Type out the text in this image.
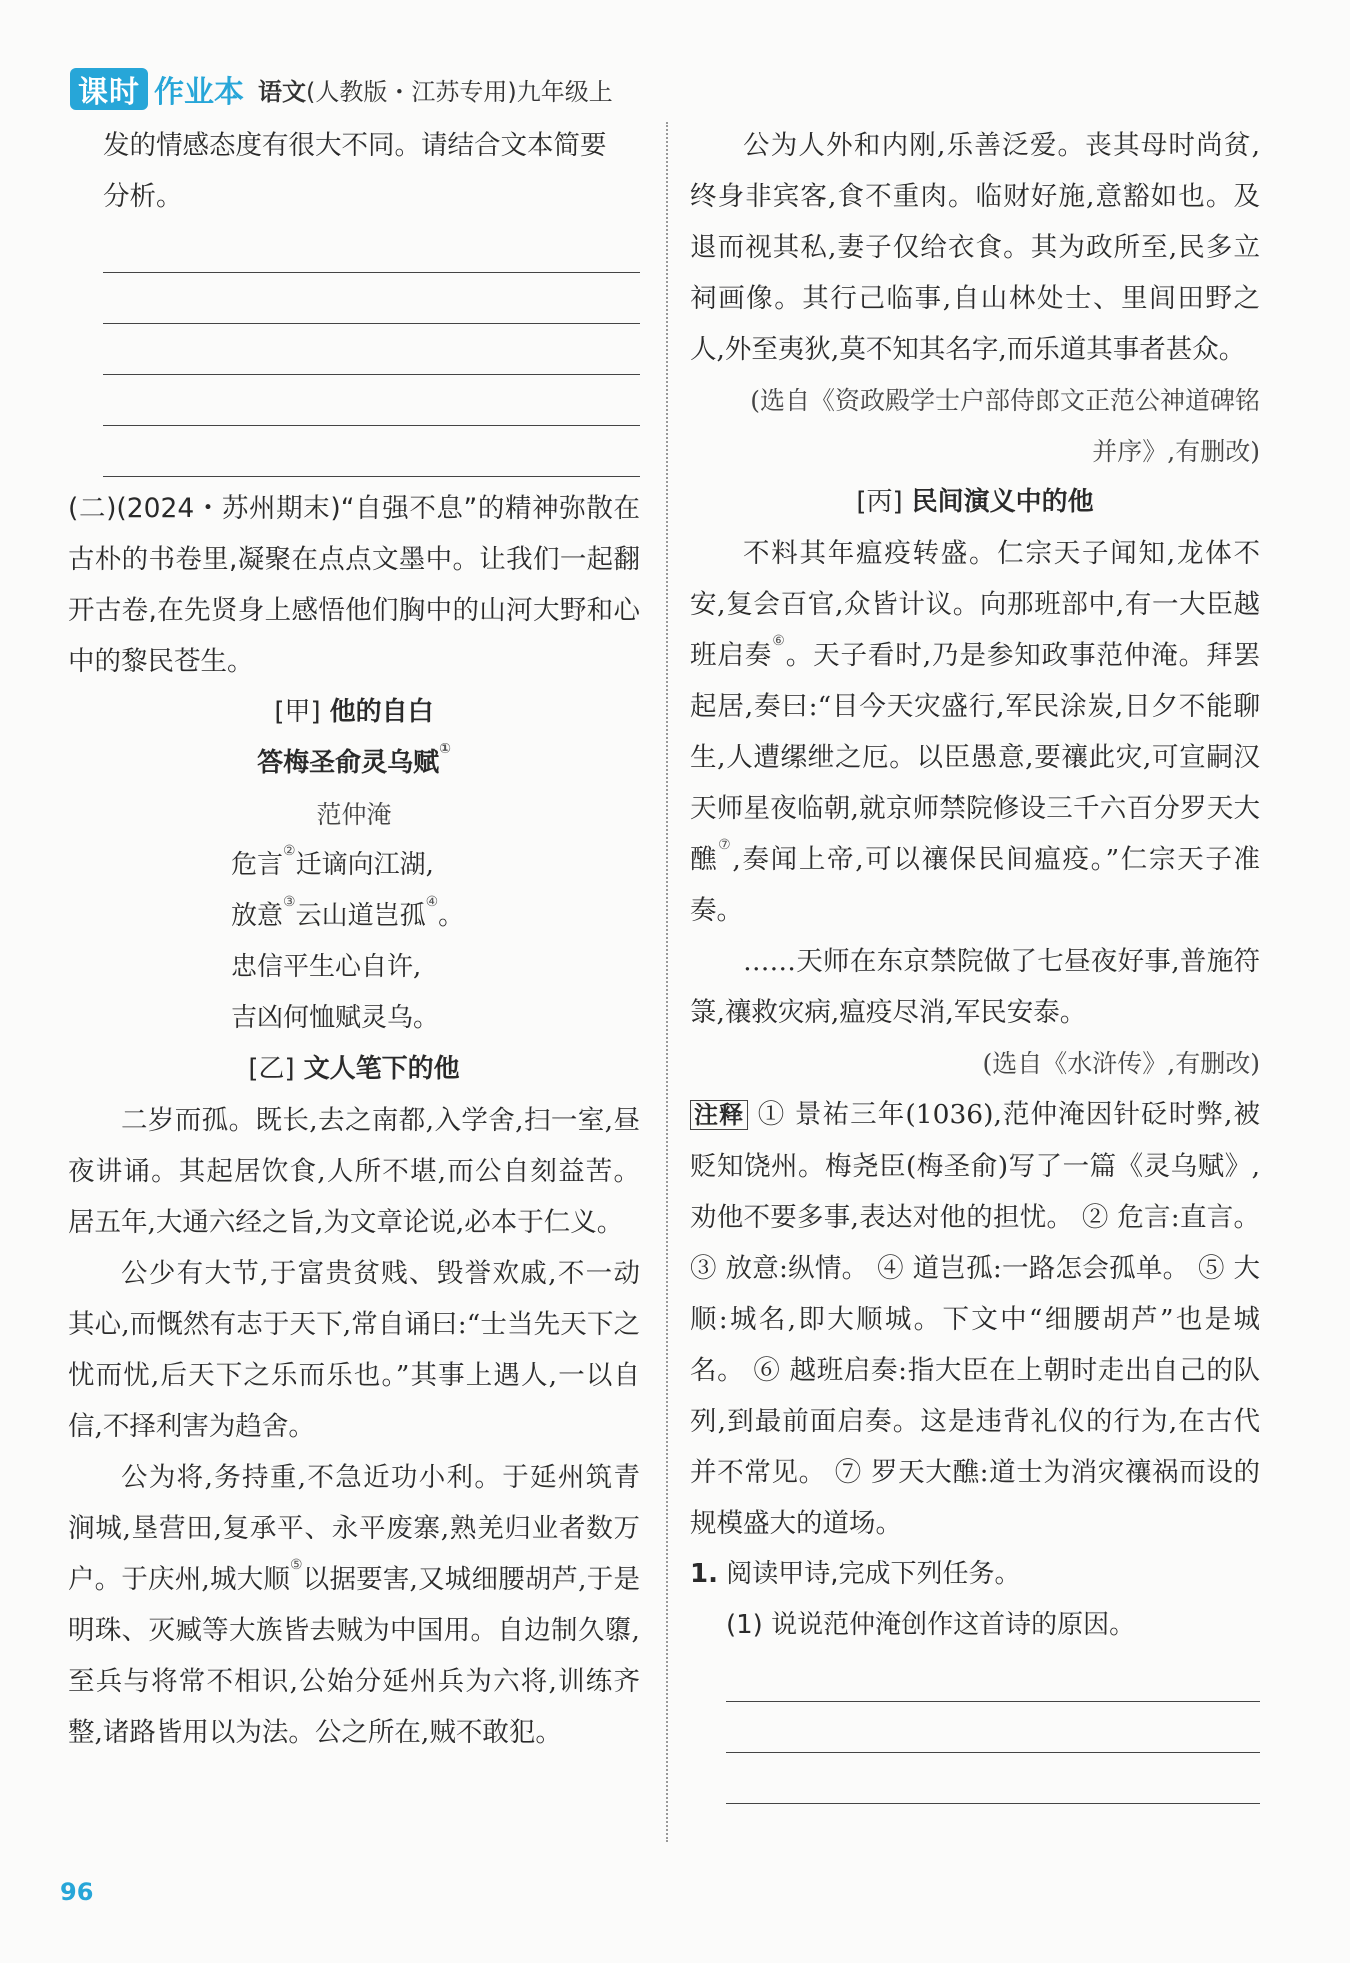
课时 作业本 语文(人教版・江苏专用)九年级上

发的情感态度有很大不同。请结合文本简要

分析。

(二)(2024・苏州期末)“自强不息”的精神弥散在古朴的书卷里,凝聚在点点文墨中。让我们一起翻开古卷,在先贤身上感悟他们胸中的山河大野和心中的黎民苍生。

[甲] 他的自白

答梅圣俞灵乌赋①

范仲淹

危言②迁谪向江湖,

放意③云山道岂孤④。

忠信平生心自许,

吉凶何恤赋灵乌。

[乙] 文人笔下的他

二岁而孤。既长,去之南都,入学舍,扫一室,昼夜讲诵。其起居饮食,人所不堪,而公自刻益苦。居五年,大通六经之旨,为文章论说,必本于仁义。

公少有大节,于富贵贫贱、毁誉欢戚,不一动其心,而慨然有志于天下,常自诵曰:“士当先天下之忧而忧,后天下之乐而乐也。”其事上遇人,一以自信,不择利害为趋舍。

公为将,务持重,不急近功小利。于延州筑青涧城,垦营田,复承平、永平废寨,熟羌归业者数万户。于庆州,城大顺⑤以据要害,又城细腰胡芦,于是明珠、灭臧等大族皆去贼为中国用。自边制久隳,至兵与将常不相识,公始分延州兵为六将,训练齐整,诸路皆用以为法。公之所在,贼不敢犯。

公为人外和内刚,乐善泛爱。丧其母时尚贫,终身非宾客,食不重肉。临财好施,意豁如也。及退而视其私,妻子仅给衣食。其为政所至,民多立祠画像。其行己临事,自山林处士、里闾田野之人,外至夷狄,莫不知其名字,而乐道其事者甚众。

(选自《资政殿学士户部侍郎文正范公神道碑铭

并序》,有删改)

[丙] 民间演义中的他

不料其年瘟疫转盛。仁宗天子闻知,龙体不安,复会百官,众皆计议。向那班部中,有一大臣越班启奏⑥。天子看时,乃是参知政事范仲淹。拜罢起居,奏曰:“目今天灾盛行,军民涂炭,日夕不能聊生,人遭缧绁之厄。以臣愚意,要禳此灾,可宣嗣汉天师星夜临朝,就京师禁院修设三千六百分罗天大醮⑦,奏闻上帝,可以禳保民间瘟疫。”仁宗天子准奏。

……天师在东京禁院做了七昼夜好事,普施符箓,禳救灾病,瘟疫尽消,军民安泰。

(选自《水浒传》,有删改)

注释 ① 景祐三年(1036),范仲淹因针砭时弊,被贬知饶州。梅尧臣(梅圣俞)写了一篇《灵乌赋》,劝他不要多事,表达对他的担忧。 ② 危言:直言。 ③ 放意:纵情。 ④ 道岂孤:一路怎会孤单。 ⑤ 大顺:城名,即大顺城。下文中“细腰胡芦”也是城名。 ⑥ 越班启奏:指大臣在上朝时走出自己的队列,到最前面启奏。这是违背礼仪的行为,在古代并不常见。 ⑦ 罗天大醮:道士为消灾禳祸而设的规模盛大的道场。

1. 阅读甲诗,完成下列任务。

(1) 说说范仲淹创作这首诗的原因。

96
